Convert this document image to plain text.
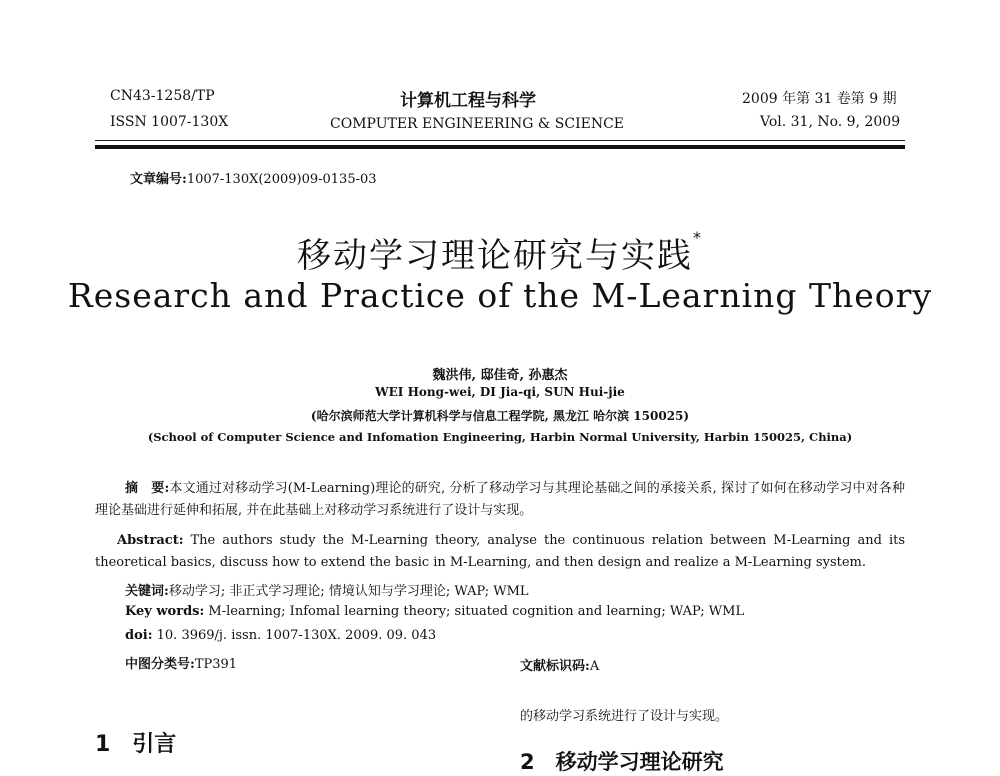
CN43-1258/TP
ISSN 1007-130X
计算机工程与科学
COMPUTER ENGINEERING & SCIENCE
2009 年第 31 卷第 9 期
Vol. 31, No. 9, 2009
文章编号:1007-130X(2009)09-0135-03
移动学习理论研究与实践*
Research and Practice of the M-Learning Theory
魏洪伟, 邸佳奇, 孙惠杰
WEI Hong-wei, DI Jia-qi, SUN Hui-jie
(哈尔滨师范大学计算机科学与信息工程学院, 黑龙江 哈尔滨 150025)
(School of Computer Science and Infomation Engineering, Harbin Normal University, Harbin 150025, China)
摘　要:本文通过对移动学习(M-Learning)理论的研究, 分析了移动学习与其理论基础之间的承接关系, 探讨了如何在移动学习中对各种理论基础进行延伸和拓展, 并在此基础上对移动学习系统进行了设计与实现。
Abstract: The authors study the M-Learning theory, analyse the continuous relation between M-Learning and its theoretical basics, discuss how to extend the basic in M-Learning, and then design and realize a M-Learning system.
关键词:移动学习; 非正式学习理论; 情境认知与学习理论; WAP; WML
Key words: M-learning; Infomal learning theory; situated cognition and learning; WAP; WML
doi: 10. 3969/j. issn. 1007-130X. 2009. 09. 043
中图分类号:TP391	文献标识码:A
的移动学习系统进行了设计与实现。
1　引言
2　移动学习理论研究
